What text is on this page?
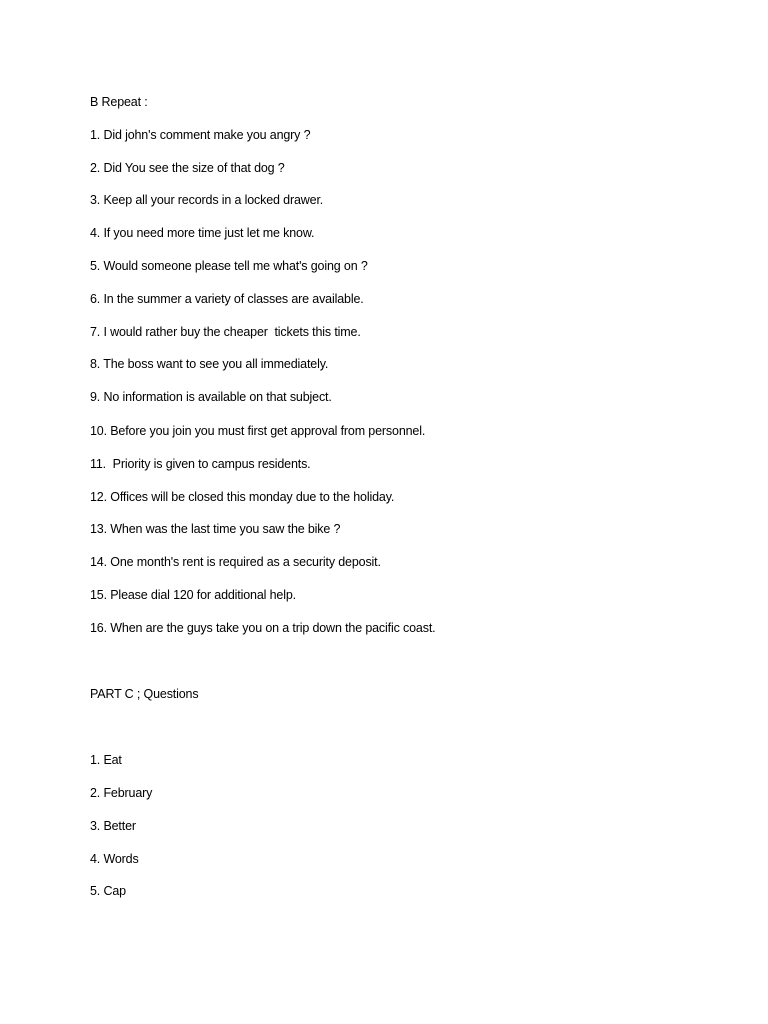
B Repeat :

1. Did john's comment make you angry ?

2. Did You see the size of that dog ?

3. Keep all your records in a locked drawer.

4. If you need more time just let me know.

5. Would someone please tell me what's going on ?

6. In the summer a variety of classes are available.

7. I would rather buy the cheaper  tickets this time.

8. The boss want to see you all immediately.

9. No information is available on that subject.

10. Before you join you must first get approval from personnel.

11.  Priority is given to campus residents.

12. Offices will be closed this monday due to the holiday.

13. When was the last time you saw the bike ?

14. One month's rent is required as a security deposit.

15. Please dial 120 for additional help.

16. When are the guys take you on a trip down the pacific coast.

PART C ; Questions

1. Eat

2. February

3. Better

4. Words

5. Cap
